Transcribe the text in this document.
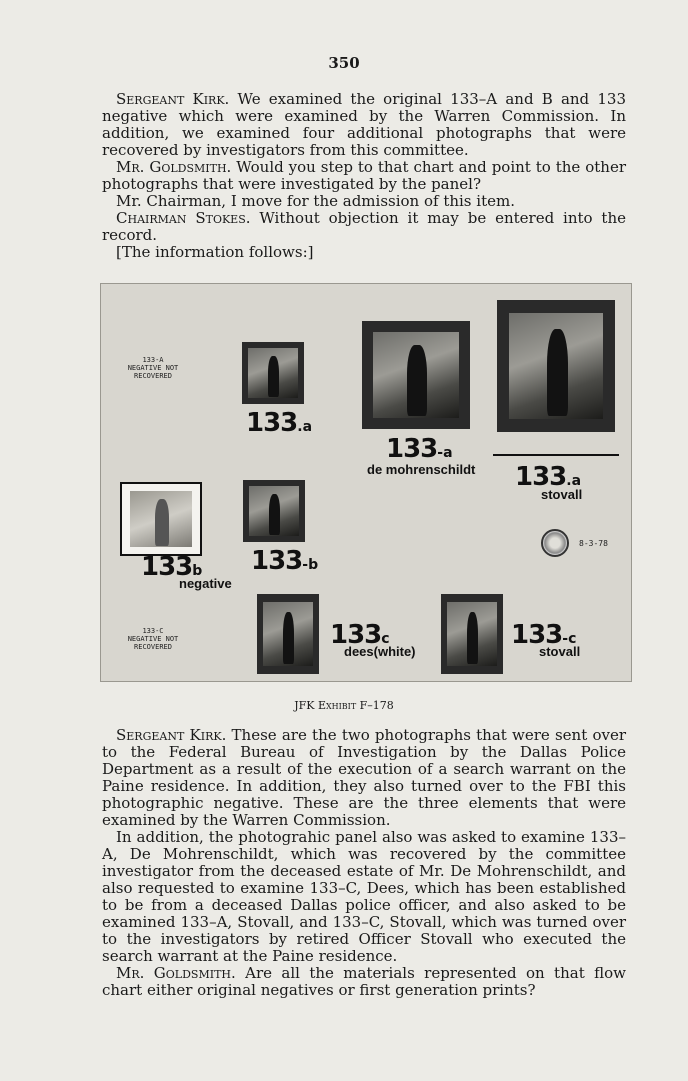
350

Sergeant Kirk. We examined the original 133–A and B and 133 negative which were examined by the Warren Commission. In addition, we examined four additional photographs that were recovered by investigators from this committee.

Mr. Goldsmith. Would you step to that chart and point to the other photographs that were investigated by the panel?

Mr. Chairman, I move for the admission of this item.

Chairman Stokes. Without objection it may be entered into the record.

[The information follows:]

133-A
NEGATIVE NOT
RECOVERED
133.a
133-a
de mohrenschildt 133.a
stovall
133b
negative
133-b
8-3-78
133-C
NEGATIVE NOT
RECOVERED	133c
dees(white)
133-c
stovall
JFK Exhibit F–178

Sergeant Kirk. These are the two photographs that were sent over to the Federal Bureau of Investigation by the Dallas Police Department as a result of the execution of a search warrant on the Paine residence. In addition, they also turned over to the FBI this photographic negative. These are the three elements that were examined by the Warren Commission.

In addition, the photograhic panel also was asked to examine 133–A, De Mohrenschildt, which was recovered by the committee investigator from the deceased estate of Mr. De Mohrenschildt, and also requested to examine 133–C, Dees, which has been established to be from a deceased Dallas police officer, and also asked to be examined 133–A, Stovall, and 133–C, Stovall, which was turned over to the investigators by retired Officer Stovall who executed the search warrant at the Paine residence.

Mr. Goldsmith. Are all the materials represented on that flow chart either original negatives or first generation prints?
